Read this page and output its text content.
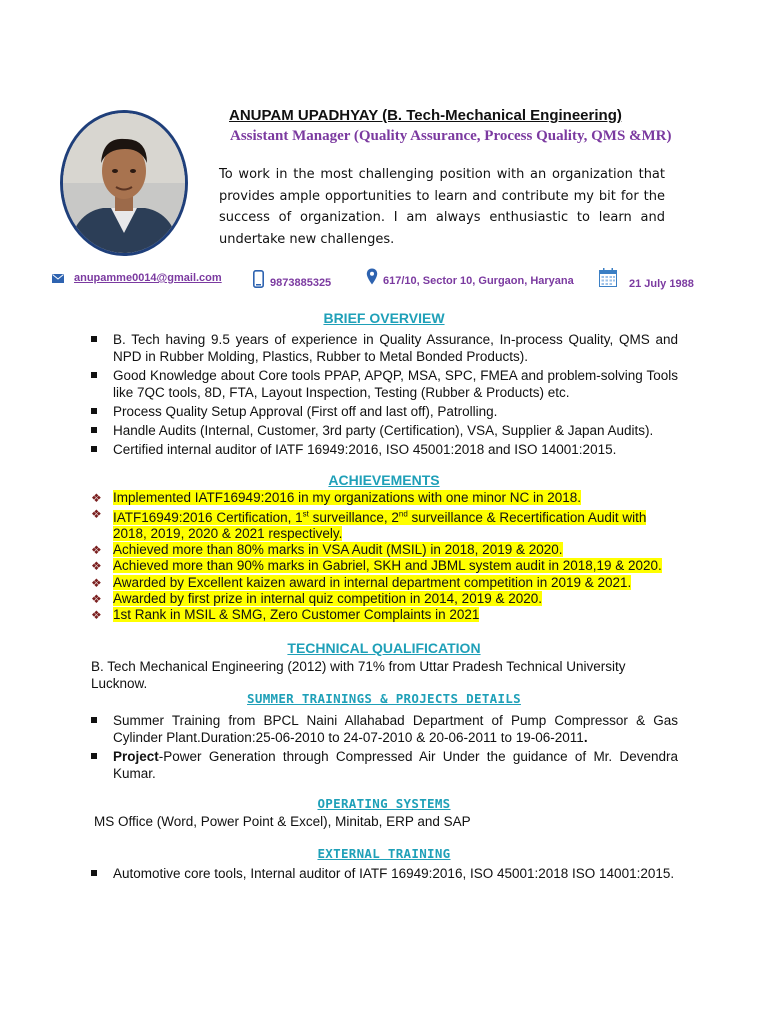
ANUPAM UPADHYAY (B. Tech-Mechanical Engineering)
Assistant Manager (Quality Assurance, Process Quality, QMS &MR)

To work in the most challenging position with an organization that provides ample opportunities to learn and contribute my bit for the success of organization. I am always enthusiastic to learn and undertake new challenges.

anupamme0014@gmail.com	9873885325	617/10, Sector 10, Gurgaon, Haryana	21 July 1988
BRIEF OVERVIEW
B. Tech having 9.5 years of experience in Quality Assurance, In-process Quality, QMS and NPD in Rubber Molding, Plastics, Rubber to Metal Bonded Products).
Good Knowledge about Core tools PPAP, APQP, MSA, SPC, FMEA and problem-solving Tools like 7QC tools, 8D, FTA, Layout Inspection, Testing (Rubber & Products) etc.
Process Quality Setup Approval (First off and last off), Patrolling.
Handle Audits (Internal, Customer, 3rd party (Certification), VSA, Supplier & Japan Audits).
Certified internal auditor of IATF 16949:2016, ISO 45001:2018 and ISO 14001:2015.
ACHIEVEMENTS
❖ Implemented IATF16949:2016 in my organizations with one minor NC in 2018.
❖ IATF16949:2016 Certification, 1st surveillance, 2nd surveillance & Recertification Audit with 2018, 2019, 2020 & 2021 respectively.
❖ Achieved more than 80% marks in VSA Audit (MSIL) in 2018, 2019 & 2020.
❖ Achieved more than 90% marks in Gabriel, SKH and JBML system audit in 2018,19 & 2020.
❖ Awarded by Excellent kaizen award in internal department competition in 2019 & 2021.
❖ Awarded by first prize in internal quiz competition in 2014, 2019 & 2020.
❖ 1st Rank in MSIL & SMG, Zero Customer Complaints in 2021
TECHNICAL QUALIFICATION

B. Tech Mechanical Engineering (2012) with 71% from Uttar Pradesh Technical University Lucknow.

SUMMER TRAININGS & PROJECTS DETAILS
Summer Training from BPCL Naini Allahabad Department of Pump Compressor & Gas Cylinder Plant.Duration:25-06-2010 to 24-07-2010 & 20-06-2011 to 19-06-2011.
Project-Power Generation through Compressed Air Under the guidance of Mr. Devendra Kumar.
OPERATING SYSTEMS

MS Office (Word, Power Point & Excel), Minitab, ERP and SAP

EXTERNAL TRAINING
Automotive core tools, Internal auditor of IATF 16949:2016, ISO 45001:2018 ISO 14001:2015.
